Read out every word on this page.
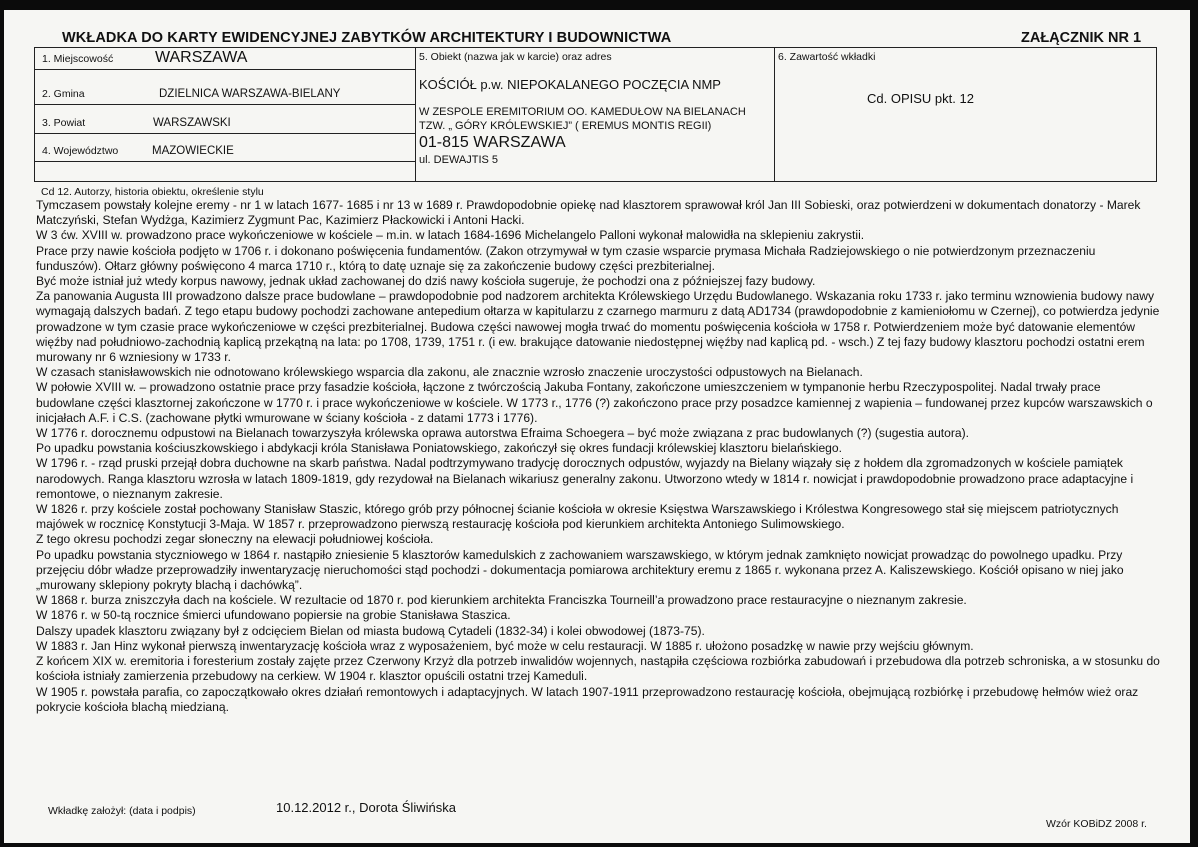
WKŁADKA DO KARTY EWIDENCYJNEJ ZABYTKÓW ARCHITEKTURY I BUDOWNICTWA	ZAŁĄCZNIK NR 1
1. Miejscowość	WARSZAWA
2. Gmina	DZIELNICA WARSZAWA-BIELANY
3. Powiat	WARSZAWSKI
4. Województwo	MAZOWIECKIE
5. Obiekt (nazwa jak w karcie) oraz adres
KOŚCIÓŁ p.w. NIEPOKALANEGO POCZĘCIA NMP
W ZESPOLE EREMITORIUM OO. KAMEDUŁOW NA BIELANACH
TZW. „ GÓRY KRÓLEWSKIEJ” ( EREMUS MONTIS REGII)
01-815 WARSZAWA
ul. DEWAJTIS 5
6. Zawartość wkładki
Cd. OPISU pkt. 12
Cd 12. Autorzy, historia obiektu, określenie stylu

Tymczasem powstały kolejne eremy - nr 1 w latach 1677- 1685 i nr 13 w 1689 r. Prawdopodobnie opiekę nad klasztorem sprawował król Jan III Sobieski, oraz potwierdzeni w dokumentach donatorzy - Marek Matczyński, Stefan Wydżga, Kazimierz Zygmunt Pac, Kazimierz Płackowicki i Antoni Hacki.

W 3 ćw. XVIII w. prowadzono prace wykończeniowe w kościele – m.in. w latach 1684-1696 Michelangelo Palloni wykonał malowidła na sklepieniu zakrystii.

Prace przy nawie kościoła podjęto w 1706 r. i dokonano poświęcenia fundamentów. (Zakon otrzymywał w tym czasie wsparcie prymasa Michała Radziejowskiego o nie potwierdzonym przeznaczeniu funduszów). Ołtarz główny poświęcono 4 marca 1710 r., którą to datę uznaje się za zakończenie budowy części prezbiterialnej.

Być może istniał już wtedy korpus nawowy, jednak układ zachowanej do dziś nawy kościoła sugeruje, że pochodzi ona z późniejszej fazy budowy.

Za panowania Augusta III prowadzono dalsze prace budowlane – prawdopodobnie pod nadzorem architekta Królewskiego Urzędu Budowlanego. Wskazania roku 1733 r. jako terminu wznowienia budowy nawy wymagają dalszych badań. Z tego etapu budowy pochodzi zachowane antepedium ołtarza w kapitularzu z czarnego marmuru z datą AD1734 (prawdopodobnie z kamieniołomu w Czernej), co potwierdza jedynie prowadzone w tym czasie prace wykończeniowe w części prezbiterialnej. Budowa części nawowej mogła trwać do momentu poświęcenia kościoła w 1758 r. Potwierdzeniem może być datowanie elementów więźby nad południowo-zachodnią kaplicą przekątną na lata: po 1708, 1739, 1751 r. (i ew. brakujące datowanie niedostępnej więźby nad kaplicą pd. - wsch.) Z tej fazy budowy klasztoru pochodzi ostatni erem murowany nr 6 wzniesiony w 1733 r.

W czasach stanisławowskich nie odnotowano królewskiego wsparcia dla zakonu, ale znacznie wzrosło znaczenie uroczystości odpustowych na Bielanach.

W połowie XVIII w. – prowadzono ostatnie prace przy fasadzie kościoła, łączone z twórczością Jakuba Fontany, zakończone umieszczeniem w tympanonie herbu Rzeczypospolitej. Nadal trwały prace budowlane części klasztornej zakończone w 1770 r. i prace wykończeniowe w kościele. W 1773 r., 1776 (?) zakończono prace przy posadzce kamiennej z wapienia – fundowanej przez kupców warszawskich o inicjałach A.F. i C.S. (zachowane płytki wmurowane w ściany kościoła - z datami 1773 i 1776).

W 1776 r. dorocznemu odpustowi na Bielanach towarzyszyła królewska oprawa autorstwa Efraima Schoegera – być może związana z prac budowlanych (?) (sugestia autora).

Po upadku powstania kościuszkowskiego i abdykacji króla Stanisława Poniatowskiego, zakończył się okres fundacji królewskiej klasztoru bielańskiego.

W 1796 r. - rząd pruski przejął dobra duchowne na skarb państwa. Nadal podtrzymywano tradycję dorocznych odpustów, wyjazdy na Bielany wiązały się z hołdem dla zgromadzonych w kościele pamiątek narodowych. Ranga klasztoru wzrosła w latach 1809-1819, gdy rezydował na Bielanach wikariusz generalny zakonu. Utworzono wtedy w 1814 r. nowicjat i prawdopodobnie prowadzono prace adaptacyjne i remontowe, o nieznanym zakresie.

W 1826 r. przy kościele został pochowany Stanisław Staszic, którego grób przy północnej ścianie kościoła w okresie Księstwa Warszawskiego i Królestwa Kongresowego stał się miejscem patriotycznych majówek w rocznicę Konstytucji 3-Maja. W 1857 r. przeprowadzono pierwszą restaurację kościoła pod kierunkiem architekta Antoniego Sulimowskiego.

Z tego okresu pochodzi zegar słoneczny na elewacji południowej kościoła.

Po upadku powstania styczniowego w 1864 r. nastąpiło zniesienie 5 klasztorów kamedulskich z zachowaniem warszawskiego, w którym jednak zamknięto nowicjat prowadząc do powolnego upadku. Przy przejęciu dóbr władze przeprowadziły inwentaryzację nieruchomości stąd pochodzi - dokumentacja pomiarowa architektury eremu z 1865 r. wykonana przez A. Kaliszewskiego. Kościół opisano w niej jako „murowany sklepiony pokryty blachą i dachówką”.

W 1868 r. burza zniszczyła dach na kościele. W rezultacie od 1870 r. pod kierunkiem architekta Franciszka Tourneill’a prowadzono prace restauracyjne o nieznanym zakresie.

W 1876 r. w 50-tą rocznice śmierci ufundowano popiersie na grobie Stanisława Staszica.

Dalszy upadek klasztoru związany był z odcięciem Bielan od miasta budową Cytadeli (1832-34) i kolei obwodowej (1873-75).

W 1883 r. Jan Hinz wykonał pierwszą inwentaryzację kościoła wraz z wyposażeniem, być może w celu restauracji. W 1885 r. ułożono posadzkę w nawie przy wejściu głównym.

Z końcem XIX w. eremitoria i foresterium zostały zajęte przez Czerwony Krzyż dla potrzeb inwalidów wojennych, nastąpiła częściowa rozbiórka zabudowań i przebudowa dla potrzeb schroniska, a w stosunku do kościoła istniały zamierzenia przebudowy na cerkiew. W 1904 r. klasztor opuścili ostatni trzej Kameduli.

W 1905 r. powstała parafia, co zapoczątkowało okres działań remontowych i adaptacyjnych. W latach 1907-1911 przeprowadzono restaurację kościoła, obejmującą rozbiórkę i przebudowę hełmów wież oraz pokrycie kościoła blachą miedzianą.

Wkładkę założył: (data i podpis)	10.12.2012 r., Dorota Śliwińska
Wzór KOBiDZ 2008 r.
